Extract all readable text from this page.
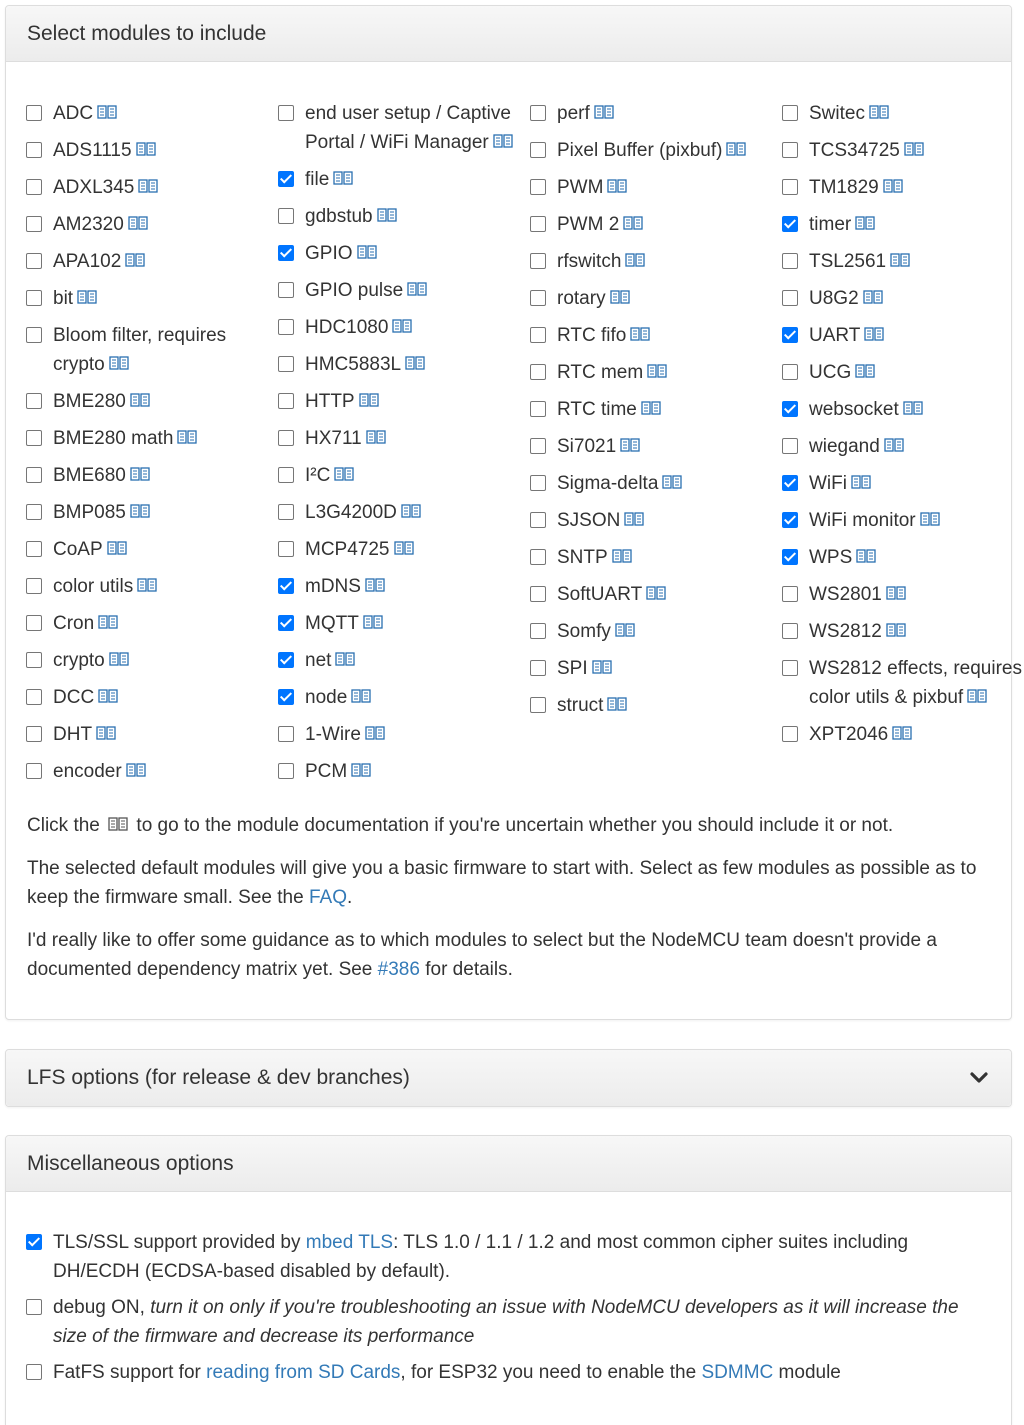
Select modules to include
ADC
ADS1115
ADXL345
AM2320
APA102
bit
Bloom filter, requires crypto
BME280
BME280 math
BME680
BMP085
CoAP
color utils
Cron
crypto
DCC
DHT
encoder
end user setup / Captive Portal / WiFi Manager
file
gdbstub
GPIO
GPIO pulse
HDC1080
HMC5883L
HTTP
HX711
I²C
L3G4200D
MCP4725
mDNS
MQTT
net
node
1-Wire
PCM
perf
Pixel Buffer (pixbuf)
PWM
PWM 2
rfswitch
rotary
RTC fifo
RTC mem
RTC time
Si7021
Sigma-delta
SJSON
SNTP
SoftUART
Somfy
SPI
struct
Switec
TCS34725
TM1829
timer
TSL2561
U8G2
UART
UCG
websocket
wiegand
WiFi
WiFi monitor
WPS
WS2801
WS2812
WS2812 effects, requires color utils & pixbuf
XPT2046

Click the to go to the module documentation if you're uncertain whether you should include it or not.

The selected default modules will give you a basic firmware to start with. Select as few modules as possible as to keep the firmware small. See the FAQ.

I'd really like to offer some guidance as to which modules to select but the NodeMCU team doesn't provide a documented dependency matrix yet. See #386 for details.

LFS options (for release & dev branches)
Miscellaneous options
TLS/SSL support provided by mbed TLS: TLS 1.0 / 1.1 / 1.2 and most common cipher suites including DH/ECDH (ECDSA-based disabled by default).
debug ON, turn it on only if you're troubleshooting an issue with NodeMCU developers as it will increase the size of the firmware and decrease its performance
FatFS support for reading from SD Cards, for ESP32 you need to enable the SDMMC module
